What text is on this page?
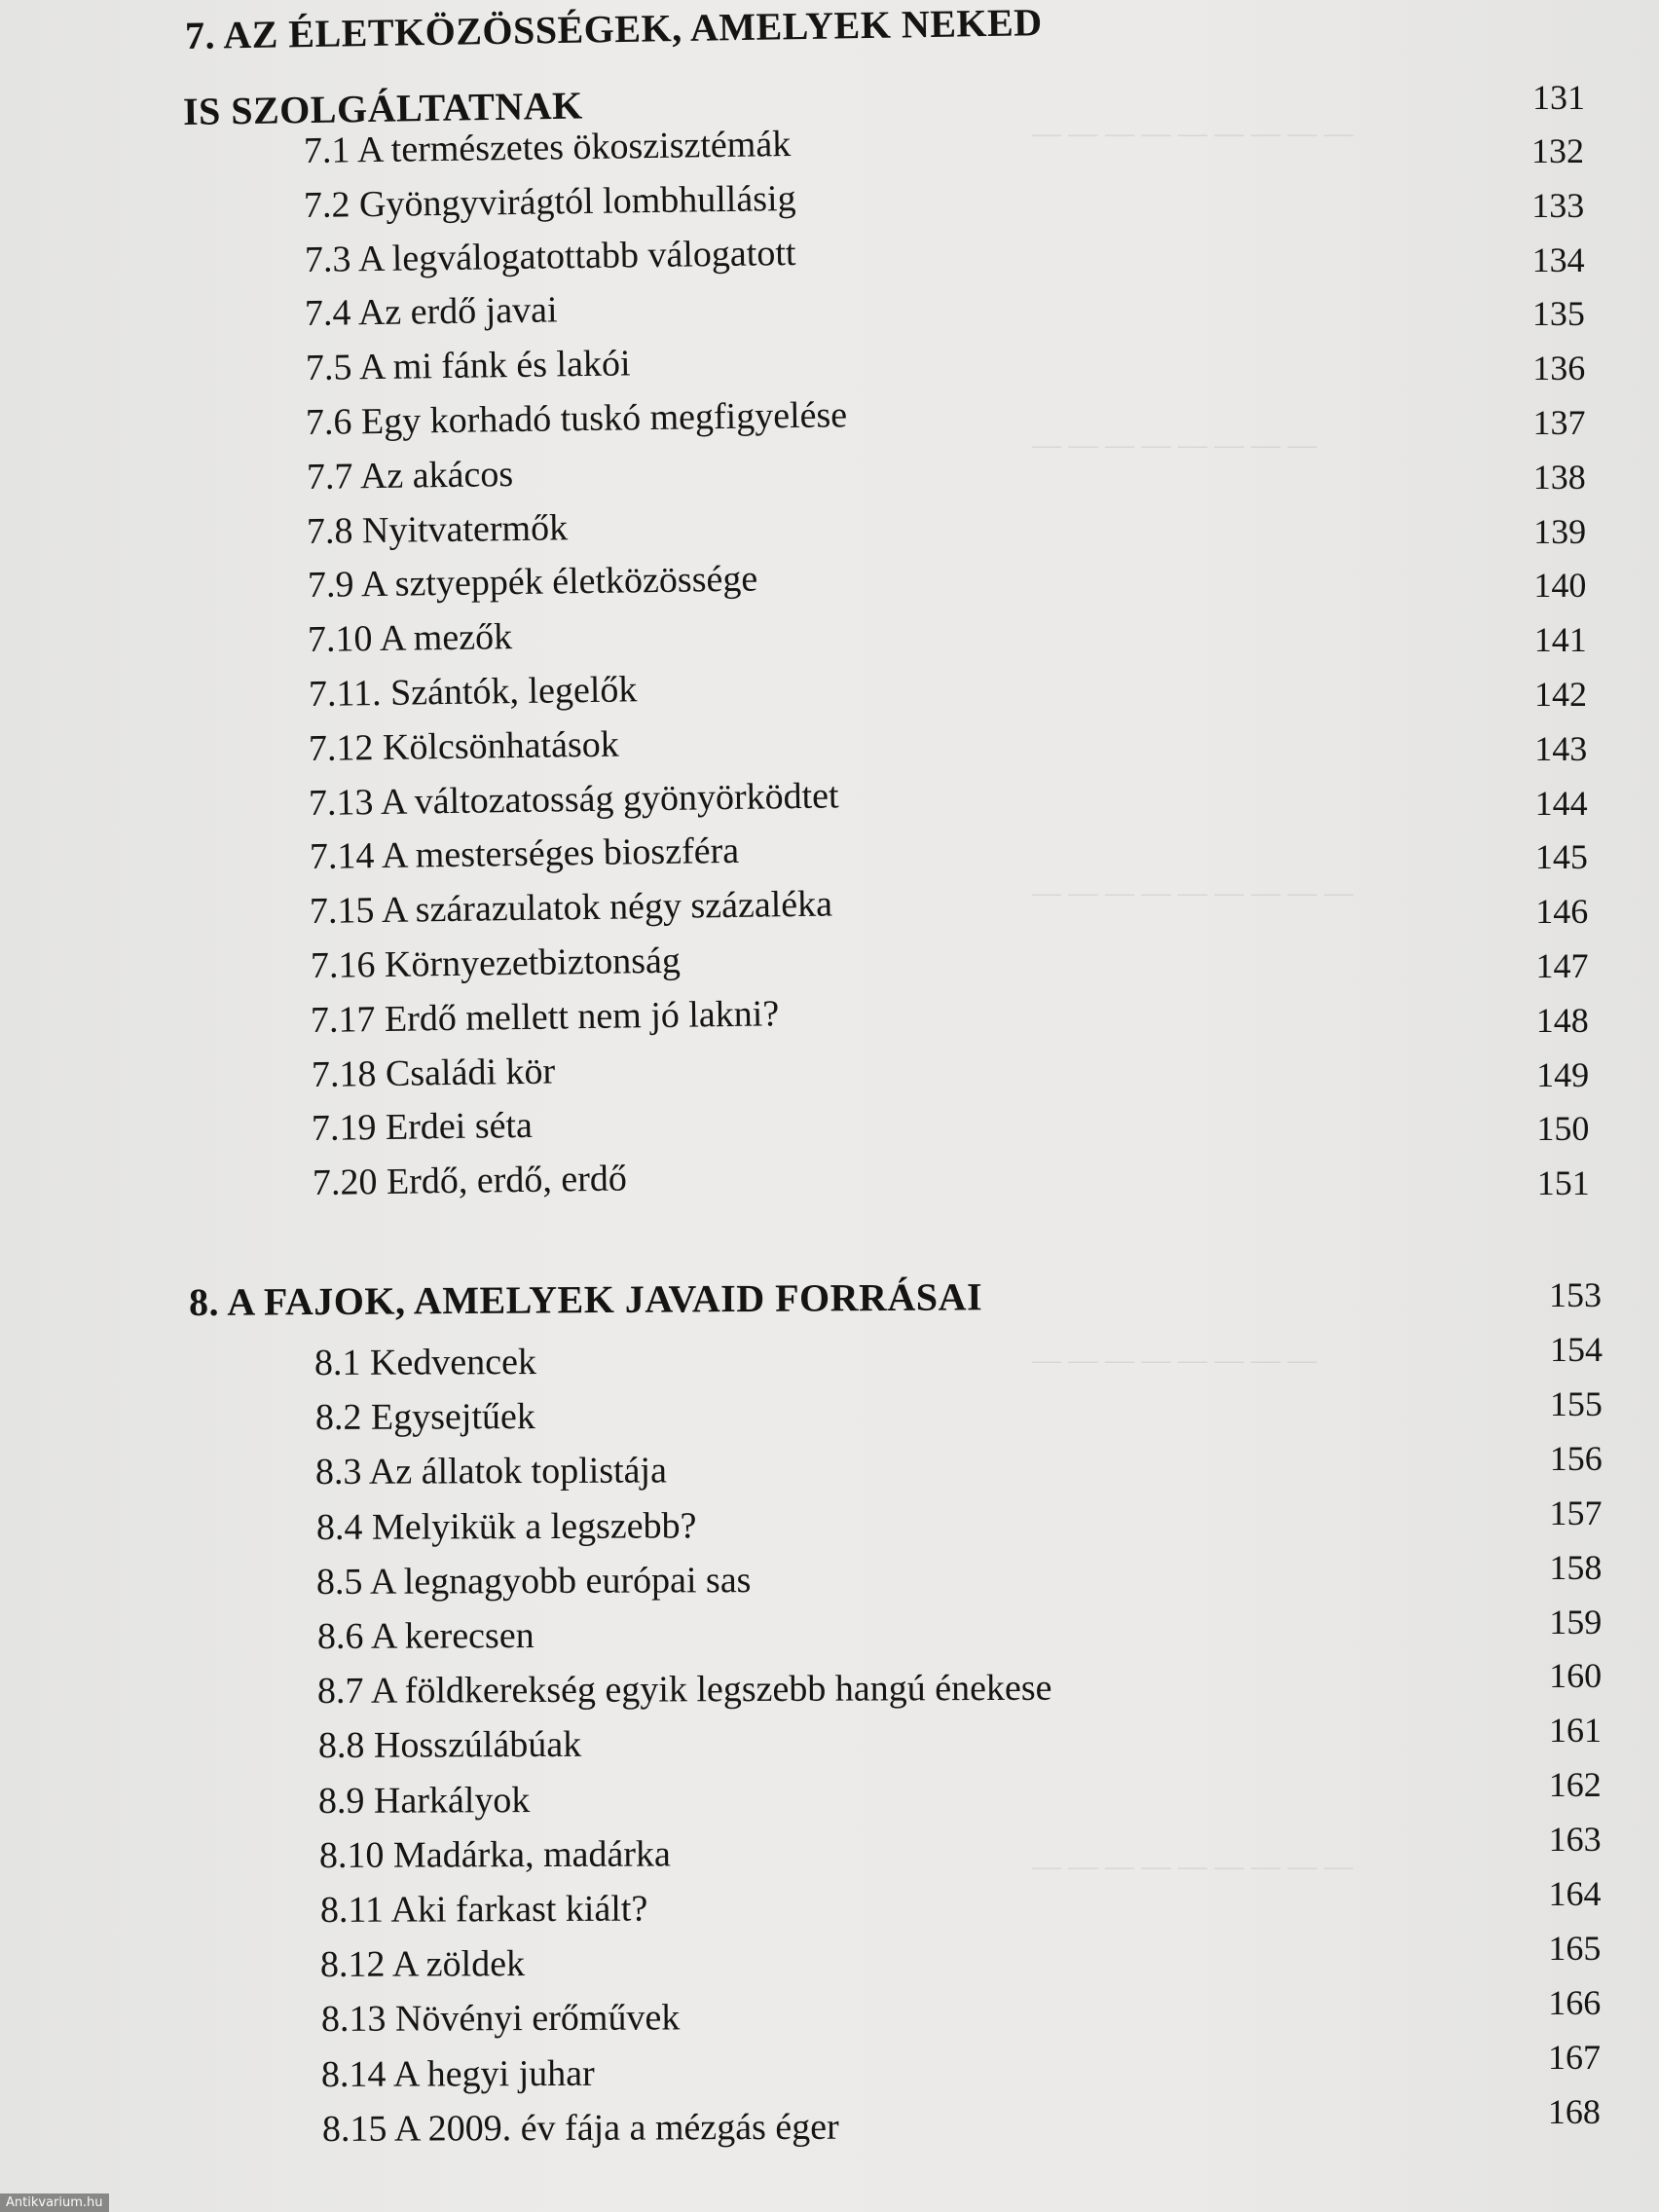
— — — — — — — — —
— — — — — — — —
— — — — — — — — —
— — — — — — — —
— — — — — — — — —
7. AZ ÉLETKÖZÖSSÉGEK, AMELYEK NEKED
IS SZOLGÁLTATNAK	131
7.1 A természetes ökoszisztémák	132
7.2 Gyöngyvirágtól lombhullásig	133
7.3 A legválogatottabb válogatott	134
7.4 Az erdő javai	135
7.5 A mi fánk és lakói	136
7.6 Egy korhadó tuskó megfigyelése	137
7.7 Az akácos	138
7.8 Nyitvatermők	139
7.9 A sztyeppék életközössége	140
7.10 A mezők	141
7.11. Szántók, legelők	142
7.12 Kölcsönhatások	143
7.13 A változatosság gyönyörködtet	144
7.14 A mesterséges bioszféra	145
7.15 A szárazulatok négy százaléka	146
7.16 Környezetbiztonság	147
7.17 Erdő mellett nem jó lakni?	148
7.18 Családi kör	149
7.19 Erdei séta	150
7.20 Erdő, erdő, erdő	151
8. A FAJOK, AMELYEK JAVAID FORRÁSAI	153
8.1 Kedvencek	154
8.2 Egysejtűek	155
8.3 Az állatok toplistája	156
8.4 Melyikük a legszebb?	157
8.5 A legnagyobb európai sas	158
8.6 A kerecsen	159
8.7 A földkerekség egyik legszebb hangú énekese	160
8.8 Hosszúlábúak	161
8.9 Harkályok	162
8.10 Madárka, madárka	163
8.11 Aki farkast kiált?	164
8.12 A zöldek	165
8.13 Növényi erőművek	166
8.14 A hegyi juhar	167
8.15 A 2009. év fája a mézgás éger	168
Antikvarium.hu
